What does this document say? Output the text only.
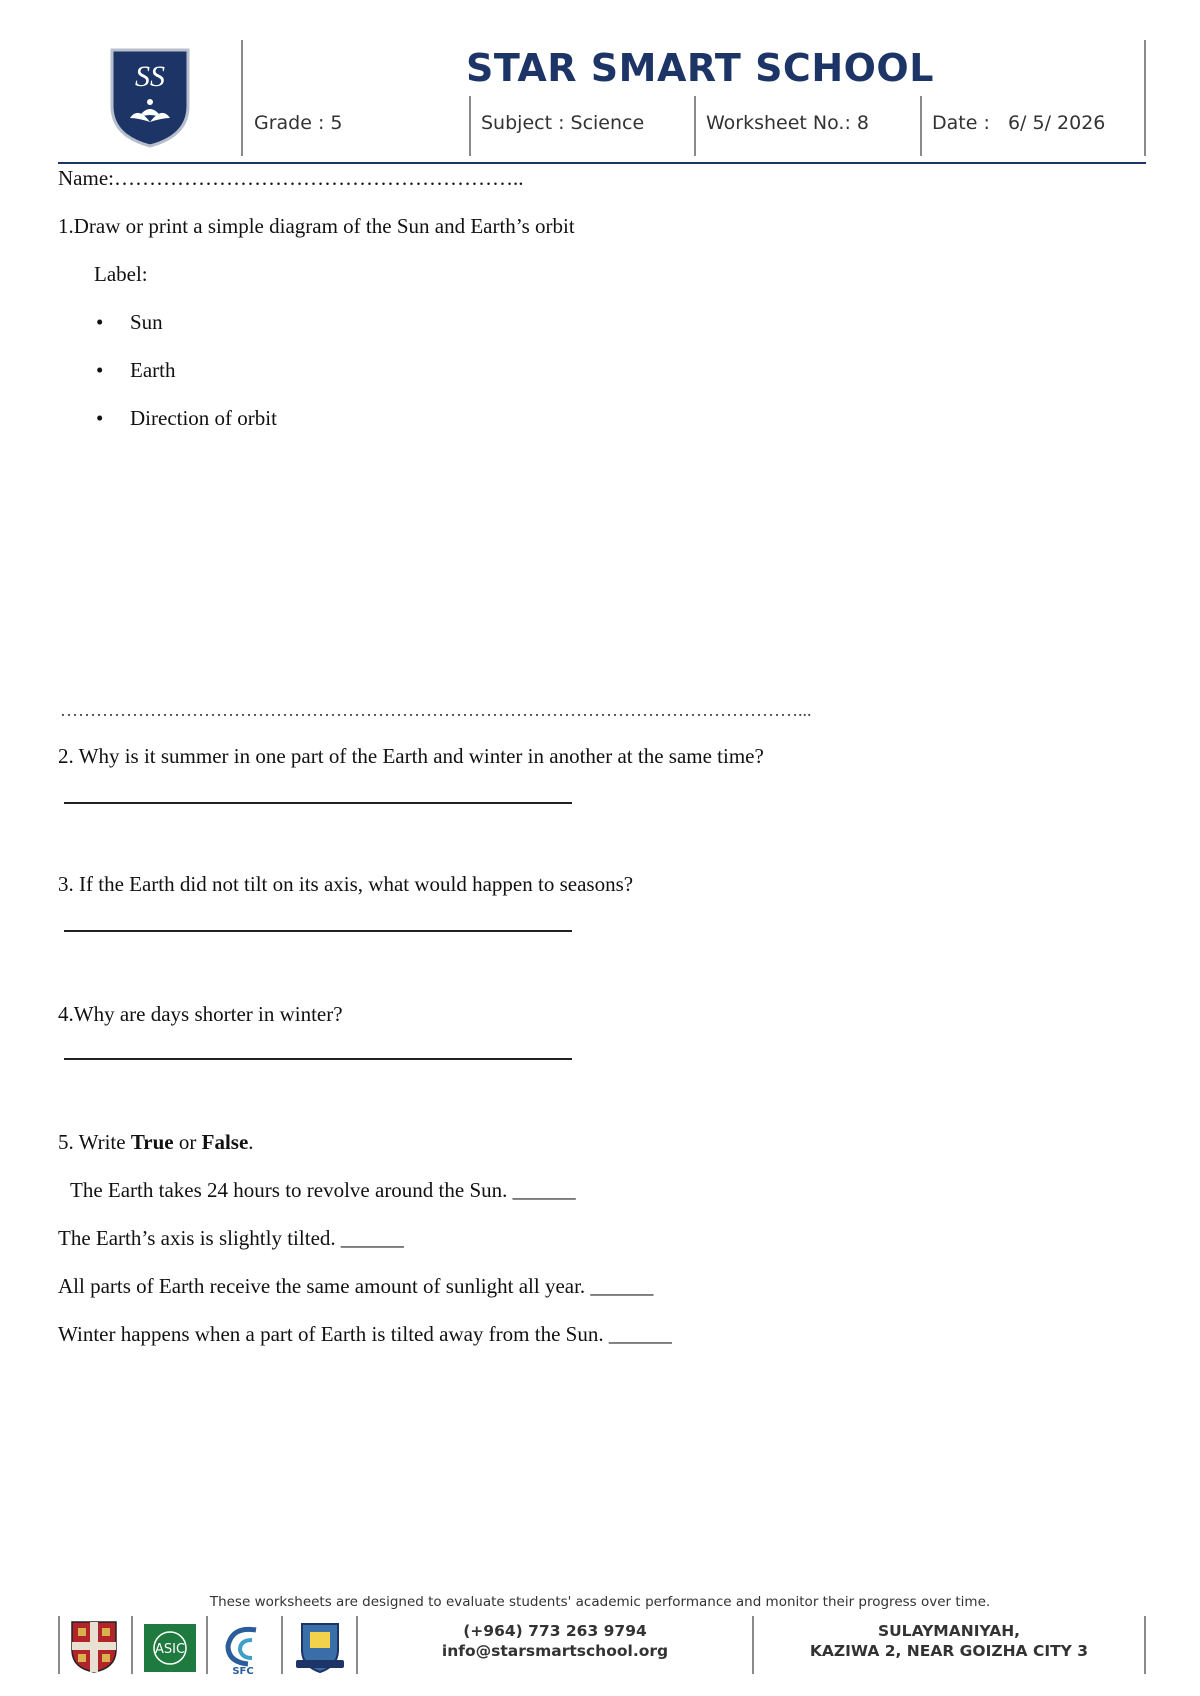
SS	STAR SMART SCHOOL
Grade : 5	Subject : Science	Worksheet No.: 8	Date :   6/ 5/ 2026
Name:…………………………………………………..
1.Draw or print a simple diagram of the Sun and Earth’s orbit
Label:
• Sun
• Earth
• Direction of orbit
……………………………………………………………………………………………………………...
2. Why is it summer in one part of the Earth and winter in another at the same time?
3. If the Earth did not tilt on its axis, what would happen to seasons?
4.Why are days shorter in winter?
5. Write True or False.
The Earth takes 24 hours to revolve around the Sun. ______
The Earth’s axis is slightly tilted. ______
All parts of Earth receive the same amount of sunlight all year. ______
Winter happens when a part of Earth is tilted away from the Sun. ______
These worksheets are designed to evaluate students' academic performance and monitor their progress over time.
ASIC
SFC
(+964) 773 263 9794
info@starsmartschool.org
SULAYMANIYAH,
KAZIWA 2, NEAR GOIZHA CITY 3
